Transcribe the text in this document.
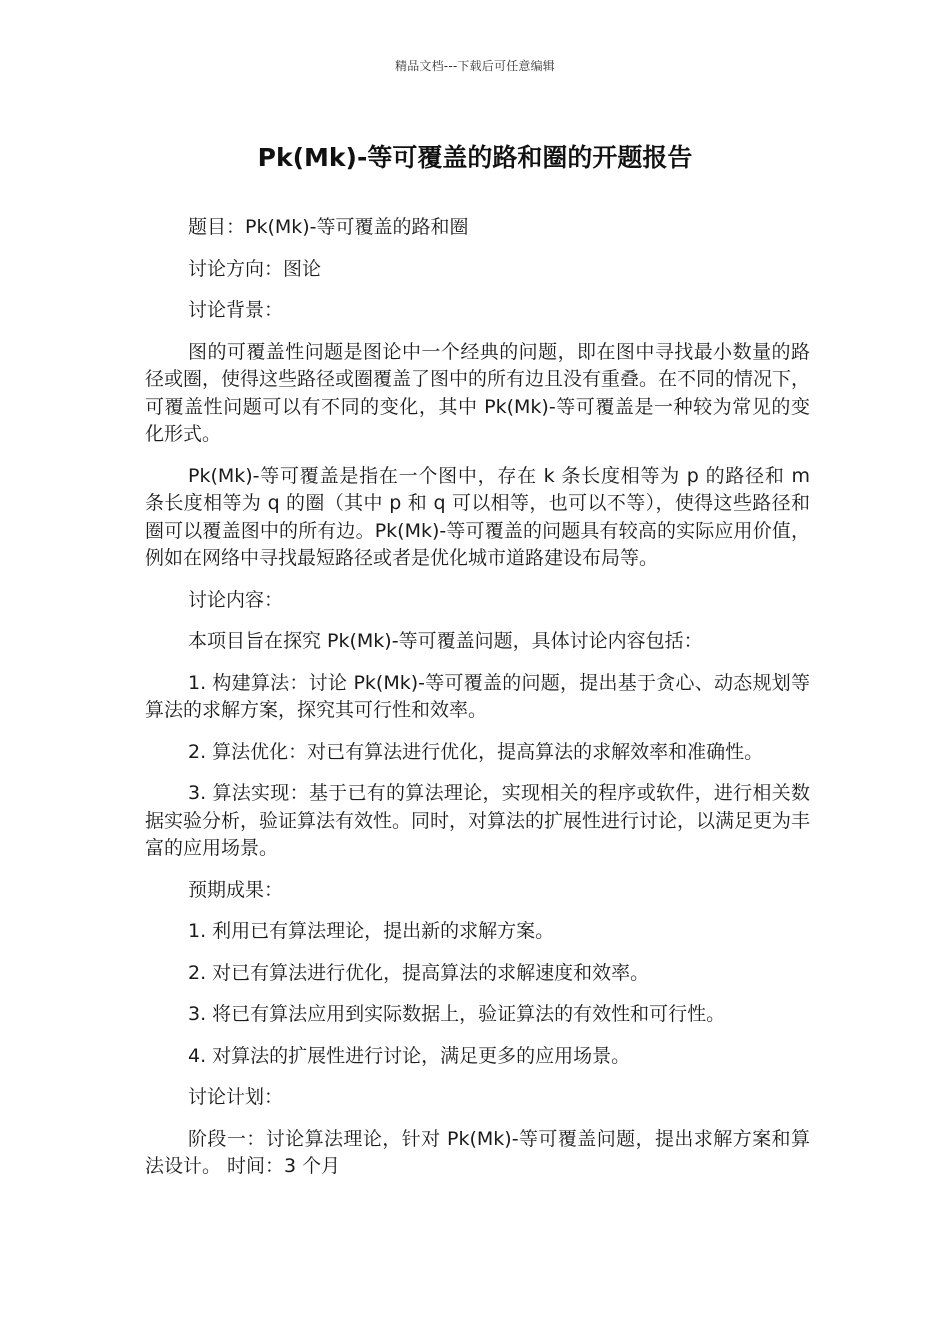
精品文档---下载后可任意编辑
Pk(Mk)-等可覆盖的路和圈的开题报告

题目：Pk(Mk)-等可覆盖的路和圈

讨论方向：图论

讨论背景：

图的可覆盖性问题是图论中一个经典的问题，即在图中寻找最小数量的路径或圈，使得这些路径或圈覆盖了图中的所有边且没有重叠。在不同的情况下，可覆盖性问题可以有不同的变化，其中 Pk(Mk)-等可覆盖是一种较为常见的变化形式。

Pk(Mk)-等可覆盖是指在一个图中，存在 k 条长度相等为 p 的路径和 m 条长度相等为 q 的圈（其中 p 和 q 可以相等，也可以不等），使得这些路径和圈可以覆盖图中的所有边。Pk(Mk)-等可覆盖的问题具有较高的实际应用价值，例如在网络中寻找最短路径或者是优化城市道路建设布局等。

讨论内容：

本项目旨在探究 Pk(Mk)-等可覆盖问题，具体讨论内容包括：

1. 构建算法：讨论 Pk(Mk)-等可覆盖的问题，提出基于贪心、动态规划等算法的求解方案，探究其可行性和效率。

2. 算法优化：对已有算法进行优化，提高算法的求解效率和准确性。

3. 算法实现：基于已有的算法理论，实现相关的程序或软件，进行相关数据实验分析，验证算法有效性。同时，对算法的扩展性进行讨论，以满足更为丰富的应用场景。

预期成果：

1. 利用已有算法理论，提出新的求解方案。

2. 对已有算法进行优化，提高算法的求解速度和效率。

3. 将已有算法应用到实际数据上，验证算法的有效性和可行性。

4. 对算法的扩展性进行讨论，满足更多的应用场景。

讨论计划：

阶段一：讨论算法理论，针对 Pk(Mk)-等可覆盖问题，提出求解方案和算法设计。 时间：3 个月
